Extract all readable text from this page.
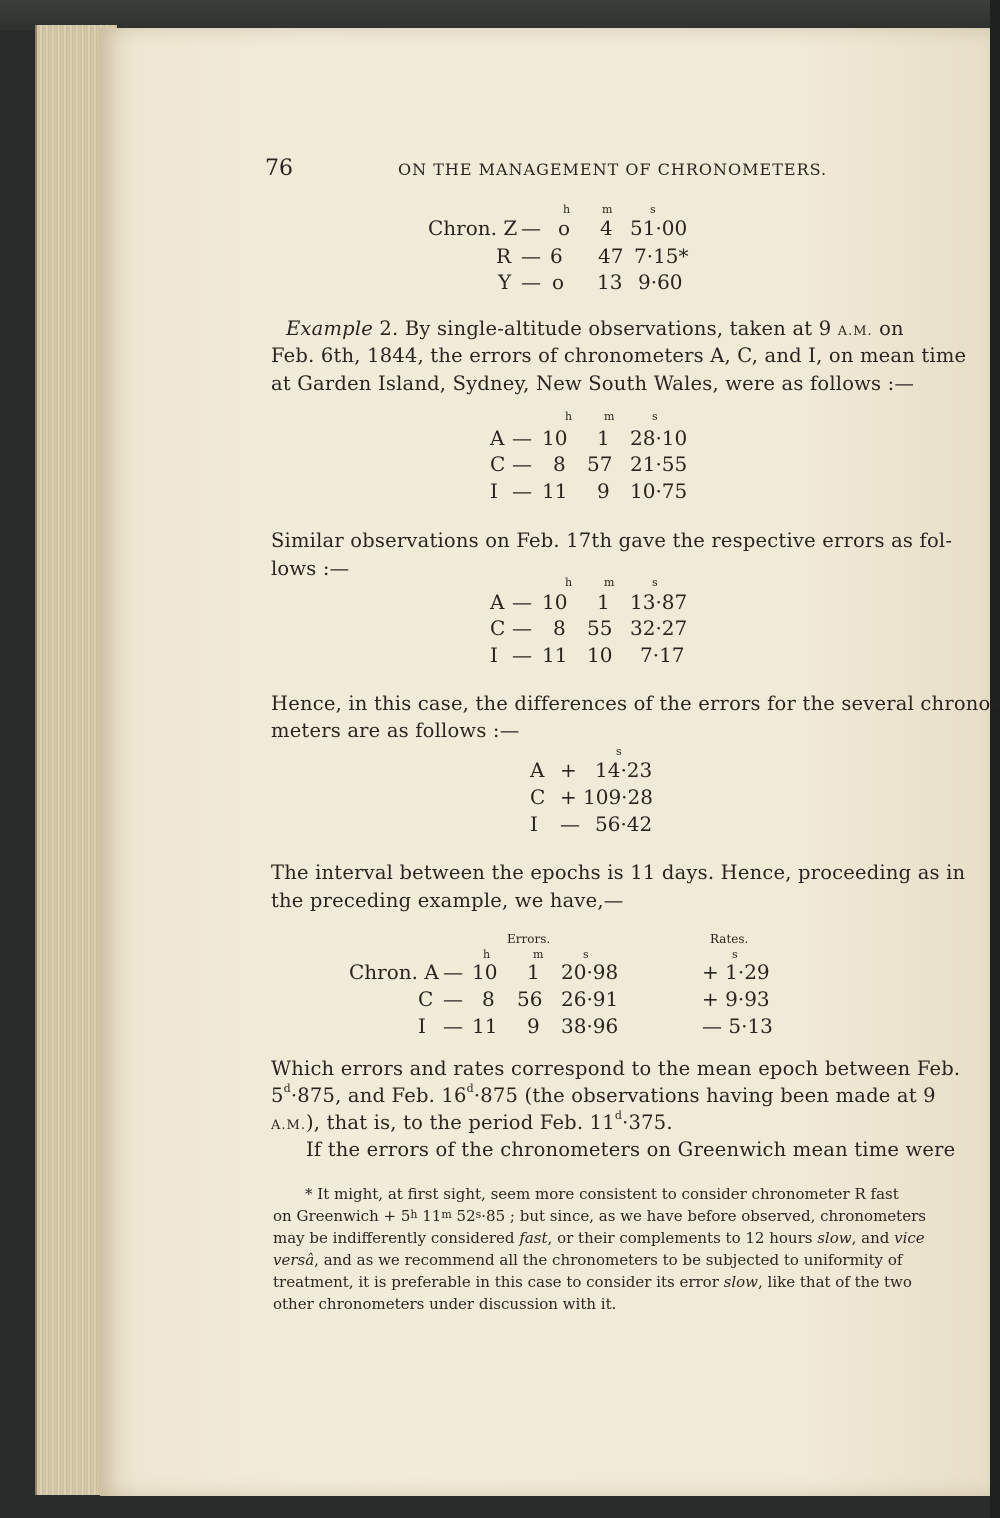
76	ON THE MANAGEMENT OF CHRONOMETERS.
h	m	s
Chron. Z — o 4 51·00
R — 6 47 7·15*
Y — o 13 9·60
Example 2. By single-altitude observations, taken at 9 A.M. on
Feb. 6th, 1844, the errors of chronometers A, C, and I, on mean time
at Garden Island, Sydney, New South Wales, were as follows :—
h	m	s
A — 10 1 28·10
C — 8 57 21·55
I — 11 9 10·75
Similar observations on Feb. 17th gave the respective errors as fol-
lows :—
h	m	s
A — 10 1 13·87
C — 8 55 32·27
I — 11 10 7·17
Hence, in this case, the differences of the errors for the several chrono-
meters are as follows :—
s
A + 14·23
C + 109·28
I — 56·42
The interval between the epochs is 11 days. Hence, proceeding as in
the preceding example, we have,—
Errors.	Rates.
h	m	s	s
Chron. A — 10 1 20·98	+ 1·29
C — 8 56 26·91	+ 9·93
I — 11 9 38·96	— 5·13
Which errors and rates correspond to the mean epoch between Feb.
$5^d\cdot 875$, and Feb. $16^d\cdot 875$ (the observations having been made at 9
A.M.), that is, to the period Feb. $11^d\cdot 375$.
If the errors of the chronometers on Greenwich mean time were
* It might, at first sight, seem more consistent to consider chronometer R fast
on Greenwich + $5^h$ 11$^m$ $52^s\cdot 85$ ; but since, as we have before observed, chronometers
may be indifferently considered fast, or their complements to 12 hours slow, and vice
versâ, and as we recommend all the chronometers to be subjected to uniformity of
treatment, it is preferable in this case to consider its error slow, like that of the two
other chronometers under discussion with it.
